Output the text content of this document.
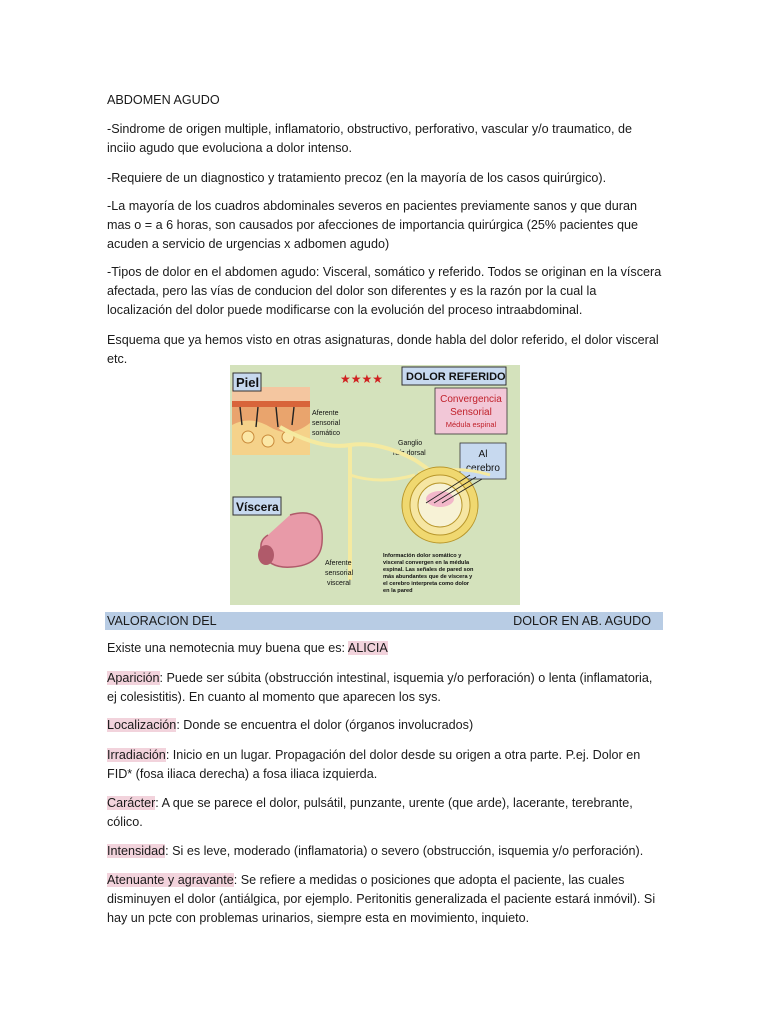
ABDOMEN AGUDO
-Sindrome de origen multiple, inflamatorio, obstructivo, perforativo, vascular y/o traumatico, de inciio agudo que evoluciona a dolor intenso.
-Requiere de un diagnostico y tratamiento precoz (en la mayoría de los casos quirúrgico).
-La mayoría de los cuadros abdominales severos en pacientes previamente sanos y que duran mas o = a 6 horas, son causados por afecciones de importancia quirúrgica (25% pacientes que acuden a servicio de urgencias x adbomen agudo)
-Tipos de dolor en el abdomen agudo: Visceral, somático y referido. Todos se originan en la víscera afectada, pero las vías de conducion del dolor son diferentes y es la razón por la cual la localización del dolor puede modificarse con la evolución del proceso intraabdominal.
Esquema que ya hemos visto en otras asignaturas, donde habla del dolor referido, el dolor visceral etc.
★★★★
Piel	DOLOR REFERIDO
Convergencia
Sensorial
Médula espinal
Al
cerebro
Aferente
sensorial
somático
Ganglio
raíz dorsal
Víscera
Aferente
sensorial
visceral
Información dolor somático y
visceral convergen en la médula
espinal. Las señales de pared son
más abundantes que de víscera y
el cerebro interpreta como dolor
en la pared
VALORACION DEL	DOLOR EN AB. AGUDO
Existe una nemotecnia muy buena que es: ALICIA
Aparición: Puede ser súbita (obstrucción intestinal, isquemia y/o perforación) o lenta (inflamatoria, ej colesistitis). En cuanto al momento que aparecen los sys.
Localización: Donde se encuentra el dolor (órganos involucrados)
Irradiación: Inicio en un lugar. Propagación del dolor desde su origen a otra parte. P.ej. Dolor en FID* (fosa iliaca derecha) a fosa iliaca izquierda.
Carácter: A que se parece el dolor, pulsátil, punzante, urente (que arde), lacerante, terebrante, cólico.
Intensidad: Si es leve, moderado (inflamatoria) o severo (obstrucción, isquemia y/o perforación).
Atenuante y agravante: Se refiere a medidas o posiciones que adopta el paciente, las cuales disminuyen el dolor (antiálgica, por ejemplo. Peritonitis generalizada el paciente estará inmóvil). Si hay un pcte con problemas urinarios, siempre esta en movimiento, inquieto.
